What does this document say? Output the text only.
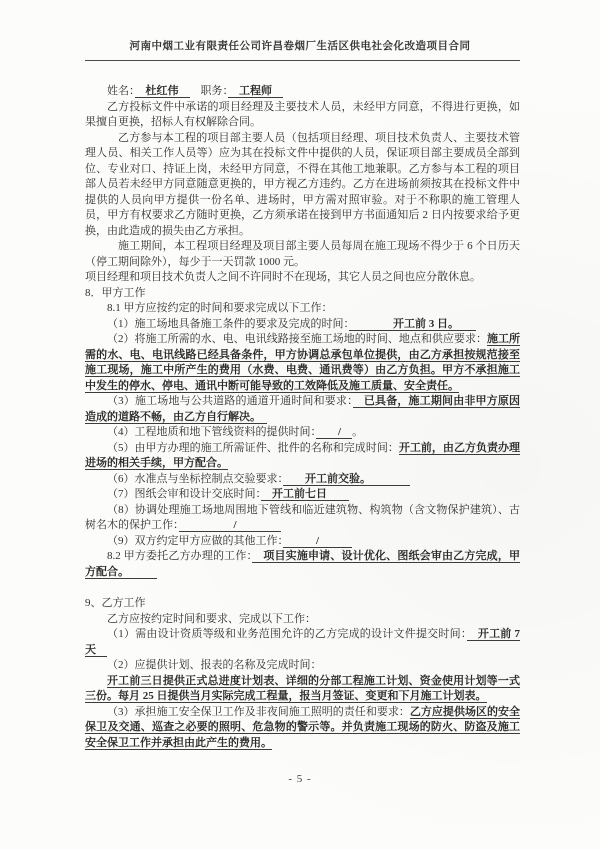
河南中烟工业有限责任公司许昌卷烟厂生活区供电社会化改造项目合同

姓名：　杜红伟　　职务：　工程师　

乙方投标文件中承诺的项目经理及主要技术人员，未经甲方同意，不得进行更换，如果擅自更换，招标人有权解除合同。

乙方参与本工程的项目部主要人员（包括项目经理、项目技术负责人、主要技术管理人员、相关工作人员等）应为其在投标文件中提供的人员，保证项目部主要成员全部到位、专业对口、持证上岗，未经甲方同意，不得在其他工地兼职。乙方参与本工程的项目部人员若未经甲方同意随意更换的，甲方视乙方违约。乙方在进场前须按其在投标文件中提供的人员向甲方提供一份名单、进场时，甲方需对照审验。对于不称职的施工管理人员，甲方有权要求乙方随时更换，乙方须承诺在接到甲方书面通知后 2 日内按要求给予更换，由此造成的损失由乙方承担。

施工期间，本工程项目经理及项目部主要人员每周在施工现场不得少于 6 个日历天（停工期间除外），每少于一天罚款 1000 元。

项目经理和项目技术负责人之间不许同时不在现场，其它人员之间也应分散休息。

8．甲方工作

8.1 甲方应按约定的时间和要求完成以下工作：

（1）施工场地具备施工条件的要求及完成的时间：　　　　开工前 3 日。　　

（2）将施工所需的水、电、电讯线路接至施工场地的时间、地点和供应要求：施工所需的水、电、电讯线路已经具备条件，甲方协调总承包单位提供，由乙方承担按规范接至施工现场，施工中所产生的费用（水费、电费、通讯费等）由乙方负担。甲方不承担施工中发生的停水、停电、通讯中断可能导致的工效降低及施工质量、安全责任。

（3）施工场地与公共道路的通道开通时间和要求：　已具备，施工期间由非甲方原因造成的道路不畅，由乙方自行解决。　

（4）工程地质和地下管线资料的提供时间：　　/　。

（5）由甲方办理的施工所需证件、批件的名称和完成时间：开工前，由乙方负责办理进场的相关手续，甲方配合。

（6）水准点与坐标控制点交验要求：　　开工前交验。　　　　

（7）图纸会审和设计交底时间：　开工前七日　　

（8）协调处理施工场地周围地下管线和临近建筑物、构筑物（含文物保护建筑）、古树名木的保护工作：　　　　　/　　　　

（9）双方约定甲方应做的其他工作：　　　/　　　

8.2 甲方委托乙方办理的工作：　项目实施申请、设计优化、图纸会审由乙方完成，甲方配合。　　　

9、乙方工作

乙方应按约定时间和要求、完成以下工作：

（1）需由设计资质等级和业务范围允许的乙方完成的设计文件提交时间：　开工前 7 天　

（2）应提供计划、报表的名称及完成时间：

开工前三日提供正式总进度计划表、详细的分部工程施工计划、资金使用计划等一式三份。每月 25 日提供当月实际完成工程量，报当月签证、变更和下月施工计划表。

（3）承担施工安全保卫工作及非夜间施工照明的责任和要求：乙方应提供场区的安全保卫及交通、巡查之必要的照明、危急物的警示等。并负责施工现场的防火、防盗及施工安全保卫工作并承担由此产生的费用。

- 5 -
